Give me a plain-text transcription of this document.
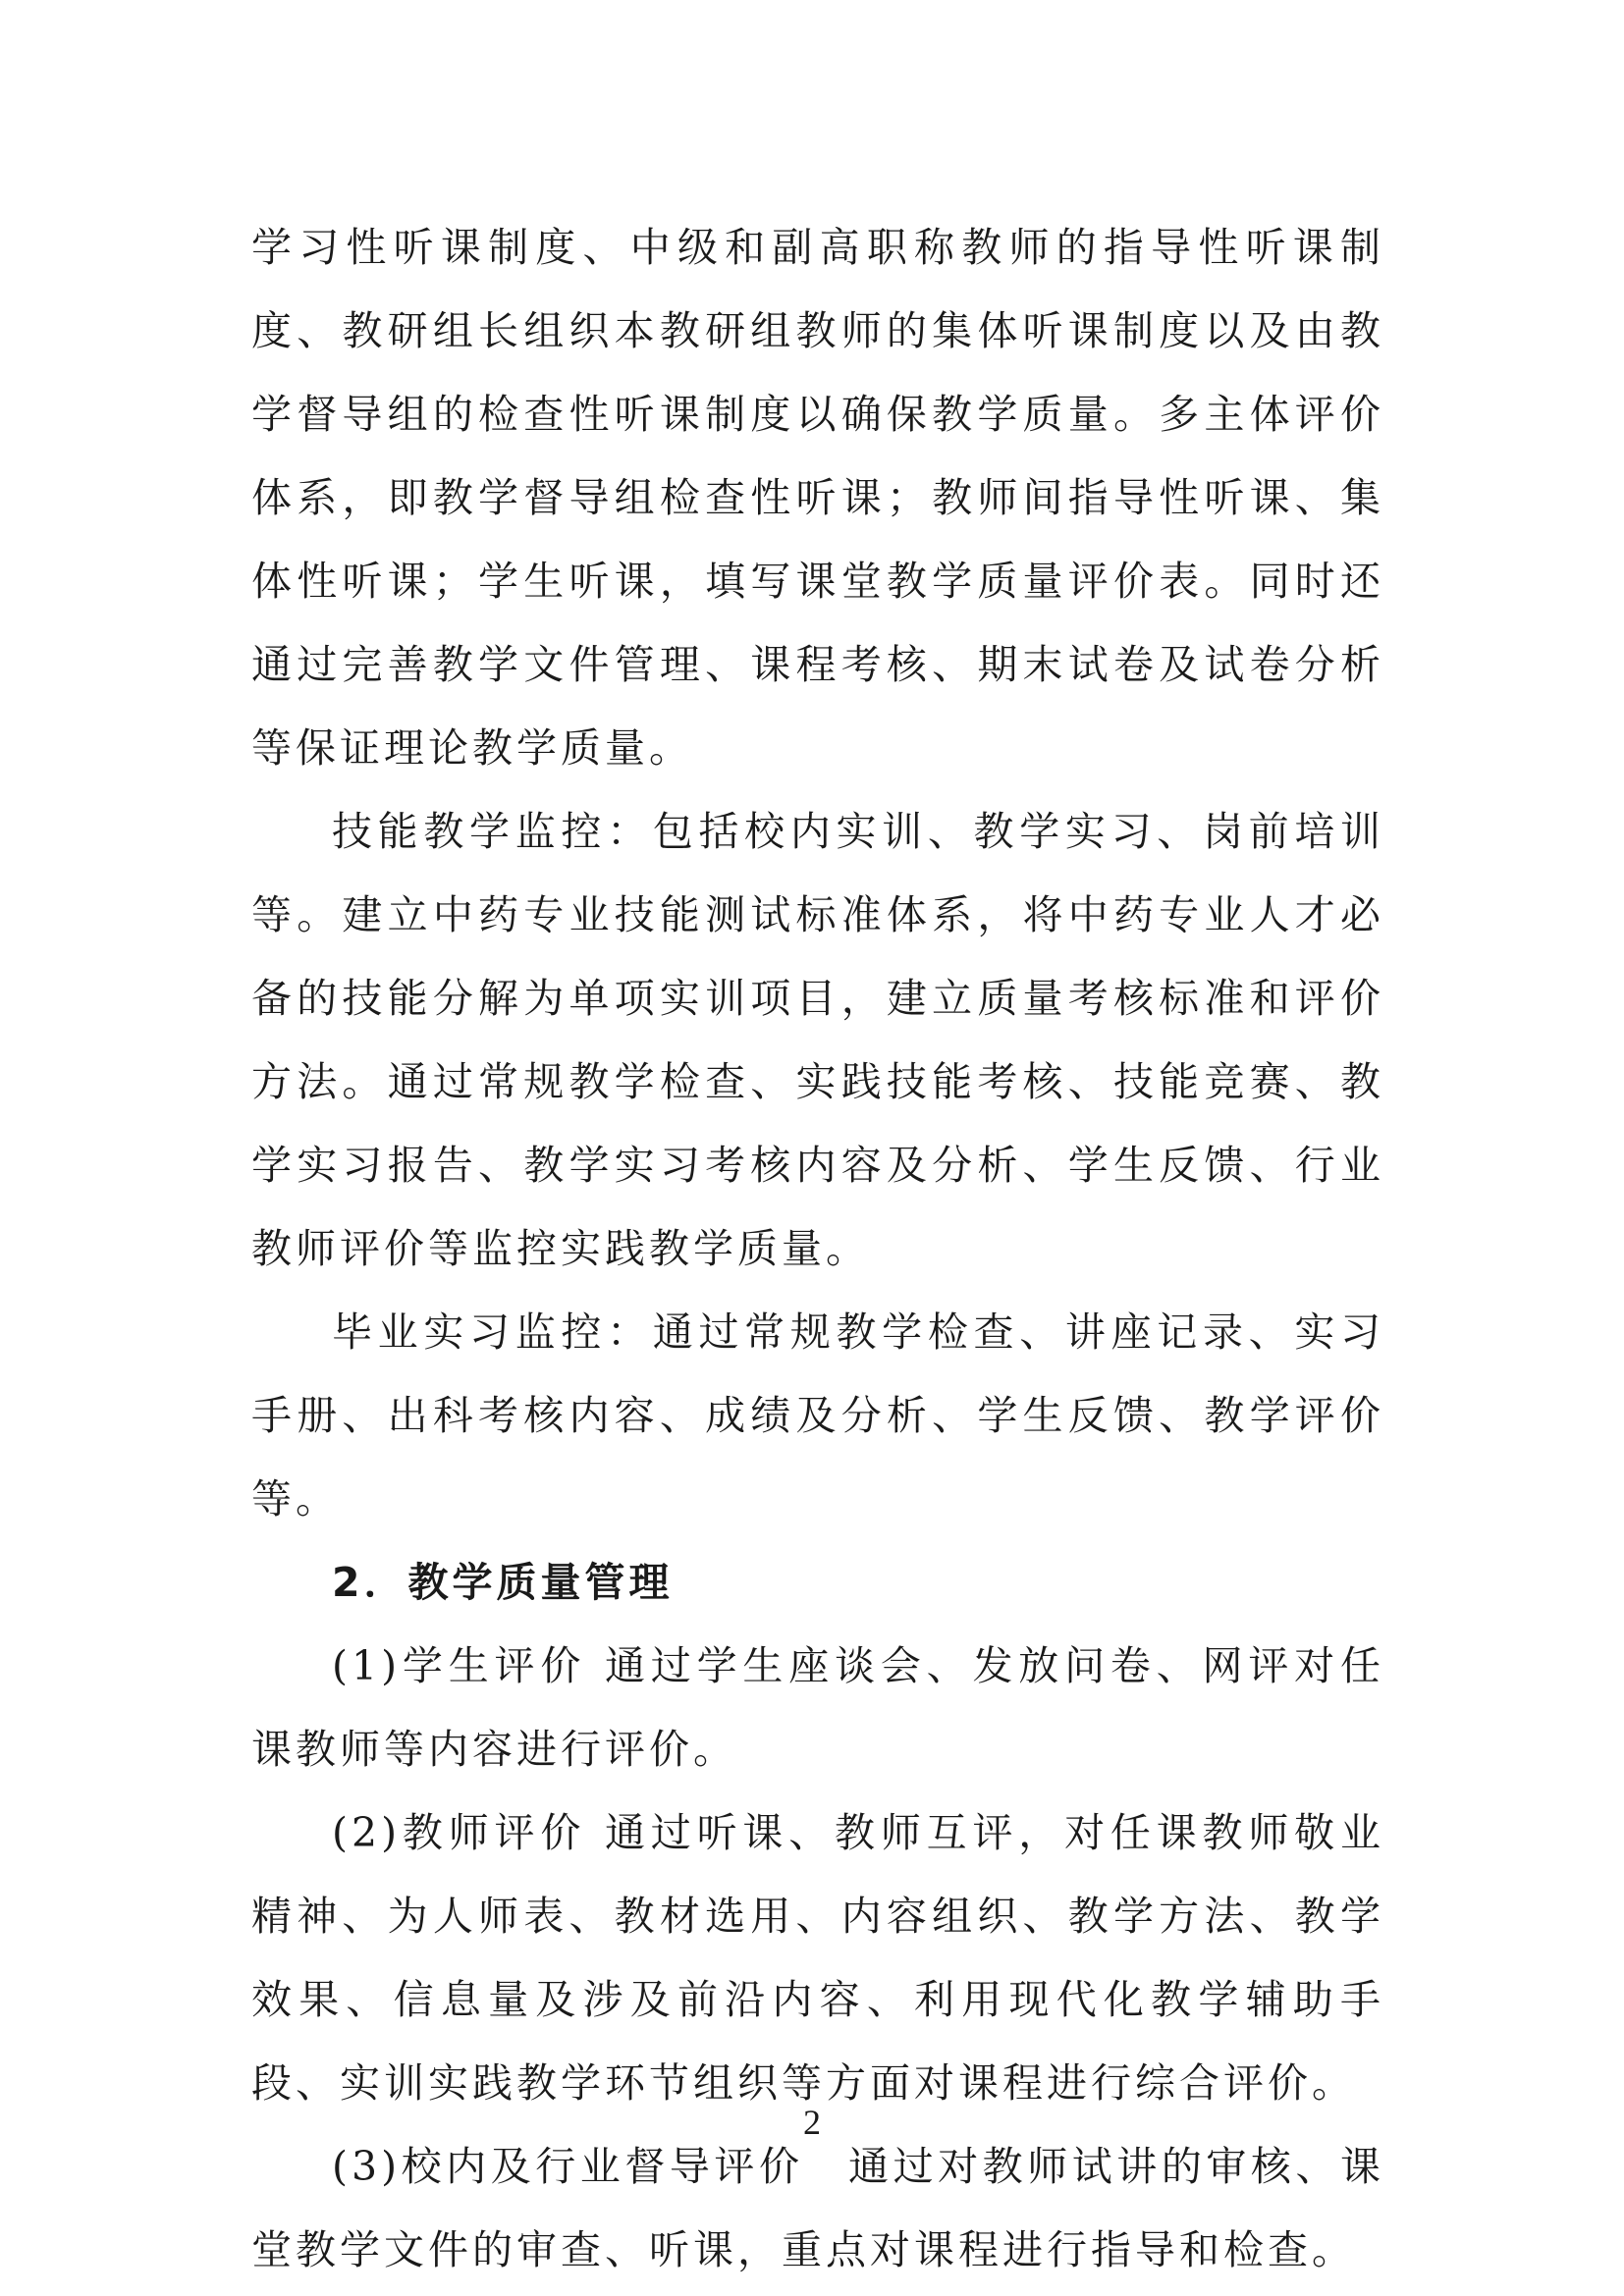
学习性听课制度、中级和副高职称教师的指导性听课制度、教研组长组织本教研组教师的集体听课制度以及由教学督导组的检查性听课制度以确保教学质量。多主体评价体系，即教学督导组检查性听课；教师间指导性听课、集体性听课；学生听课，填写课堂教学质量评价表。同时还通过完善教学文件管理、课程考核、期末试卷及试卷分析等保证理论教学质量。

技能教学监控：包括校内实训、教学实习、岗前培训等。建立中药专业技能测试标准体系，将中药专业人才必备的技能分解为单项实训项目，建立质量考核标准和评价方法。通过常规教学检查、实践技能考核、技能竞赛、教学实习报告、教学实习考核内容及分析、学生反馈、行业教师评价等监控实践教学质量。

毕业实习监控：通过常规教学检查、讲座记录、实习手册、出科考核内容、成绩及分析、学生反馈、教学评价等。

2．教学质量管理

(1)学生评价 通过学生座谈会、发放问卷、网评对任课教师等内容进行评价。

(2)教师评价 通过听课、教师互评，对任课教师敬业精神、为人师表、教材选用、内容组织、教学方法、教学效果、信息量及涉及前沿内容、利用现代化教学辅助手段、实训实践教学环节组织等方面对课程进行综合评价。

(3)校内及行业督导评价　通过对教师试讲的审核、课堂教学文件的审查、听课，重点对课程进行指导和检查。

2
